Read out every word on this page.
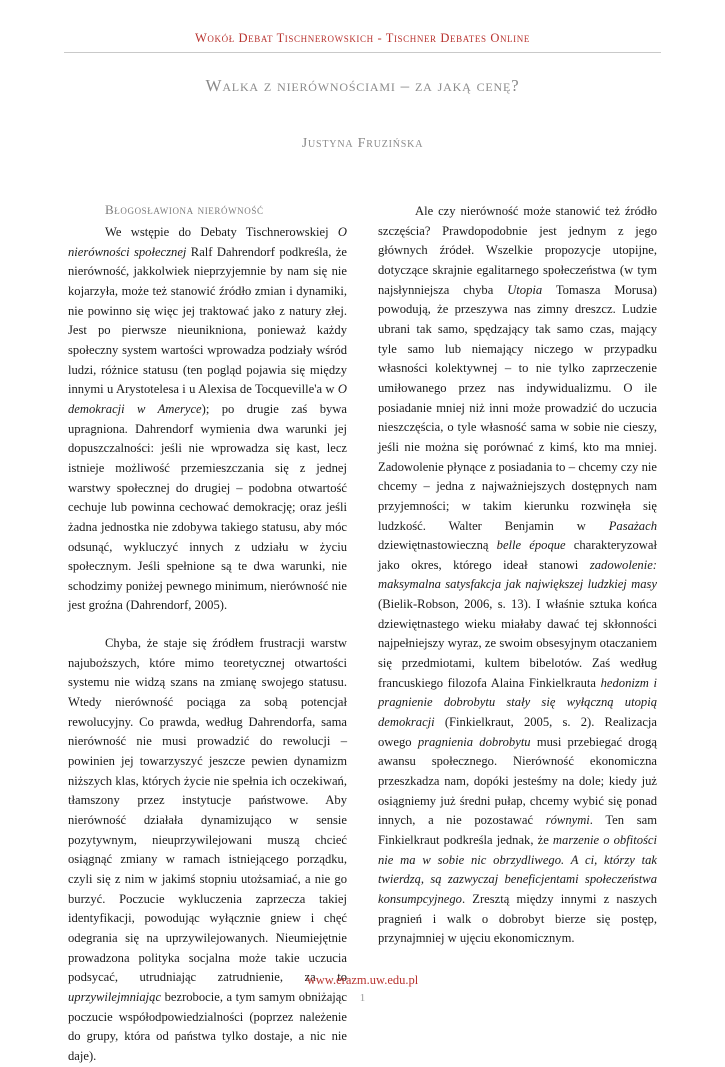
Wokół Debat Tischnerowskich - Tischner Debates Online
Walka z nierównościami – za jaką cenę?
Justyna Fruzińska
Błogosławiona nierówność

We wstępie do Debaty Tischnerowskiej O nierówności społecznej Ralf Dahrendorf podkreśla, że nierówność, jakkolwiek nieprzyjemnie by nam się nie kojarzyła, może też stanowić źródło zmian i dynamiki, nie powinno się więc jej traktować jako z natury złej. Jest po pierwsze nieunikniona, ponieważ każdy społeczny system wartości wprowadza podziały wśród ludzi, różnice statusu (ten pogląd pojawia się między innymi u Arystotelesa i u Alexisa de Tocqueville'a w O demokracji w Ameryce); po drugie zaś bywa upragniona. Dahrendorf wymienia dwa warunki jej dopuszczalności: jeśli nie wprowadza się kast, lecz istnieje możliwość przemieszczania się z jednej warstwy społecznej do drugiej – podobna otwartość cechuje lub powinna cechować demokrację; oraz jeśli żadna jednostka nie zdobywa takiego statusu, aby móc odsunąć, wykluczyć innych z udziału w życiu społecznym. Jeśli spełnione są te dwa warunki, nie schodzimy poniżej pewnego minimum, nierówność nie jest groźna (Dahrendorf, 2005).

Chyba, że staje się źródłem frustracji warstw najuboższych, które mimo teoretycznej otwartości systemu nie widzą szans na zmianę swojego statusu. Wtedy nierówność pociąga za sobą potencjał rewolucyjny. Co prawda, według Dahrendorfa, sama nierówność nie musi prowadzić do rewolucji – powinien jej towarzyszyć jeszcze pewien dynamizm niższych klas, których życie nie spełnia ich oczekiwań, tłamszony przez instytucje państwowe. Aby nierówność działała dynamizująco w sensie pozytywnym, nieuprzywilejowani muszą chcieć osiągnąć zmiany w ramach istniejącego porządku, czyli się z nim w jakimś stopniu utożsamiać, a nie go burzyć. Poczucie wykluczenia zaprzecza takiej identyfikacji, powodując wyłącznie gniew i chęć odegrania się na uprzywilejowanych. Nieumiejętnie prowadzona polityka socjalna może takie uczucia podsycać, utrudniając zatrudnienie, za to uprzywilejmniając bezrobocie, a tym samym obniżając poczucie współodpowiedzialności (poprzez należenie do grupy, która od państwa tylko dostaje, a nic nie daje).

Ale czy nierówność może stanowić też źródło szczęścia? Prawdopodobnie jest jednym z jego głównych źródeł. Wszelkie propozycje utopijne, dotyczące skrajnie egalitarnego społeczeństwa (w tym najsłynniejsza chyba Utopia Tomasza Morusa) powodują, że przeszywa nas zimny dreszcz. Ludzie ubrani tak samo, spędzający tak samo czas, mający tyle samo lub niemający niczego w przypadku własności kolektywnej – to nie tylko zaprzeczenie umiłowanego przez nas indywidualizmu. O ile posiadanie mniej niż inni może prowadzić do uczucia nieszczęścia, o tyle własność sama w sobie nie cieszy, jeśli nie można się porównać z kimś, kto ma mniej. Zadowolenie płynące z posiadania to – chcemy czy nie chcemy – jedna z najważniejszych dostępnych nam przyjemności; w takim kierunku rozwinęła się ludzkość. Walter Benjamin w Pasażach dziewiętnastowieczną belle époque charakteryzował jako okres, którego ideał stanowi zadowolenie: maksymalna satysfakcja jak największej ludzkiej masy (Bielik-Robson, 2006, s. 13). I właśnie sztuka końca dziewiętnastego wieku miałaby dawać tej skłonności najpełniejszy wyraz, ze swoim obsesyjnym otaczaniem się przedmiotami, kultem bibelotów. Zaś według francuskiego filozofa Alaina Finkielkrauta hedonizm i pragnienie dobrobytu stały się wyłączną utopią demokracji (Finkielkraut, 2005, s. 2). Realizacja owego pragnienia dobrobytu musi przebiegać drogą awansu społecznego. Nierówność ekonomiczna przeszkadza nam, dopóki jesteśmy na dole; kiedy już osiągniemy już średni pułap, chcemy wybić się ponad innych, a nie pozostawać równymi. Ten sam Finkielkraut podkreśla jednak, że marzenie o obfitości nie ma w sobie nic obrzydliwego. A ci, którzy tak twierdzą, są zazwyczaj beneficjentami społeczeństwa konsumpcyjnego. Zresztą między innymi z naszych pragnień i walk o dobrobyt bierze się postęp, przynajmniej w ujęciu ekonomicznym.

www.erazm.uw.edu.pl
1
